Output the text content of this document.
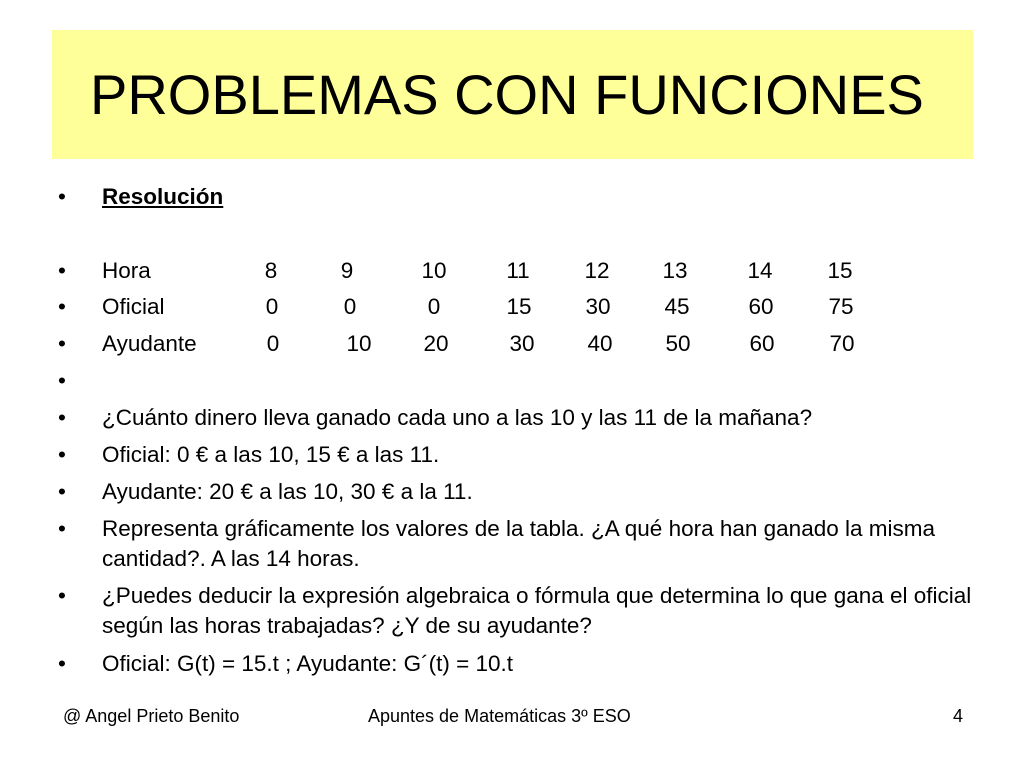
PROBLEMAS CON FUNCIONES
• Resolución
• Hora	8	9	10	11	12	13	14	15
• Oficial	0	0	0	15	30	45	60	75
• Ayudante	0	10	20	30	40	50	60	70
•
• ¿Cuánto dinero lleva ganado cada uno a las 10 y las 11 de la mañana?
• Oficial: 0 € a las 10, 15 € a las 11.
• Ayudante: 20 € a las 10, 30 € a la 11.
• Representa gráficamente los valores de la tabla. ¿A qué hora han ganado la misma cantidad?. A las 14 horas.
• ¿Puedes deducir la expresión algebraica o fórmula que determina lo que gana el oficial según las horas trabajadas? ¿Y de su ayudante?
• Oficial: G(t) = 15.t ; Ayudante: G´(t) = 10.t
@ Angel Prieto Benito	Apuntes de Matemáticas 3º ESO	4
